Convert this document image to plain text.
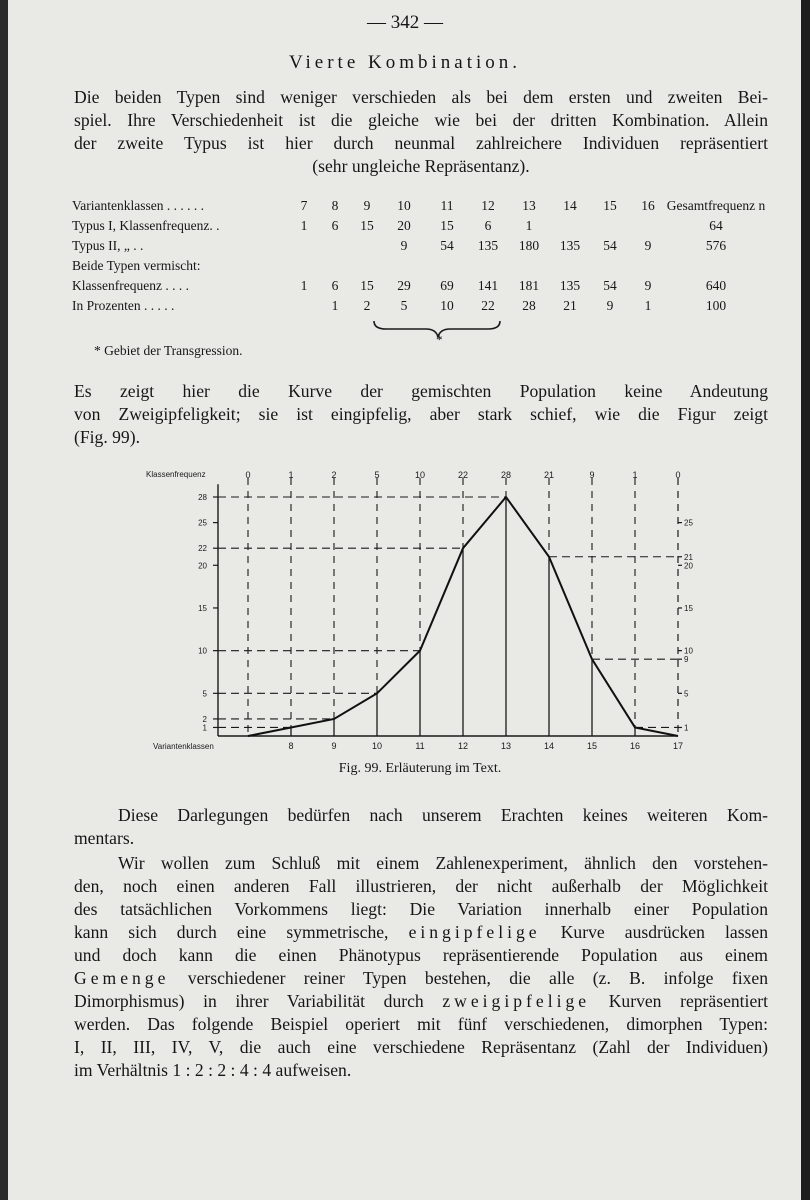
— 342 —
Vierte Kombination.
Die beiden Typen sind weniger verschieden als bei dem ersten und zweiten Bei-
spiel. Ihre Verschiedenheit ist die gleiche wie bei der dritten Kombination. Allein
der zweite Typus ist hier durch neunmal zahlreichere Individuen repräsentiert
(sehr ungleiche Repräsentanz).
Variantenklassen . . . . . .	7	8	9	10	11	12	13	14	15	16	Gesamtfrequenz n
Typus I, Klassenfrequenz. .	1	6	15	20	15	6	1				64
Typus II, „ . .				9	54	135	180	135	54	9	576
Beide Typen vermischt:											
Klassenfrequenz . . . .	1	6	15	29	69	141	181	135	54	9	640
In Prozenten . . . . .		1	2	5	10	22	28	21	9	1	100
*
* Gebiet der Transgression.
Es zeigt hier die Kurve der gemischten Population keine Andeutung
von Zweigipfeligkeit; sie ist eingipfelig, aber stark schief, wie die Figur zeigt
(Fig. 99).
1
2
5
10
15
20
22
25
28
1
5
9
10
15
20
21
25
0	1	2	5	10	22	28	21	9	1	0
8	9	10	11	12	13	14	15	16	17
Klassenfrequenz
Variantenklassen
Fig. 99. Erläuterung im Text.
Diese Darlegungen bedürfen nach unserem Erachten keines weiteren Kom-
mentars.
Wir wollen zum Schluß mit einem Zahlenexperiment, ähnlich den vorstehen-
den, noch einen anderen Fall illustrieren, der nicht außerhalb der Möglichkeit
des tatsächlichen Vorkommens liegt: Die Variation innerhalb einer Population
kann sich durch eine symmetrische, eingipfelige Kurve ausdrücken lassen
und doch kann die einen Phänotypus repräsentierende Population aus einem
Gemenge verschiedener reiner Typen bestehen, die alle (z. B. infolge fixen
Dimorphismus) in ihrer Variabilität durch zweigipfelige Kurven repräsentiert
werden. Das folgende Beispiel operiert mit fünf verschiedenen, dimorphen Typen:
I, II, III, IV, V, die auch eine verschiedene Repräsentanz (Zahl der Individuen)
im Verhältnis 1 : 2 : 2 : 4 : 4 aufweisen.
